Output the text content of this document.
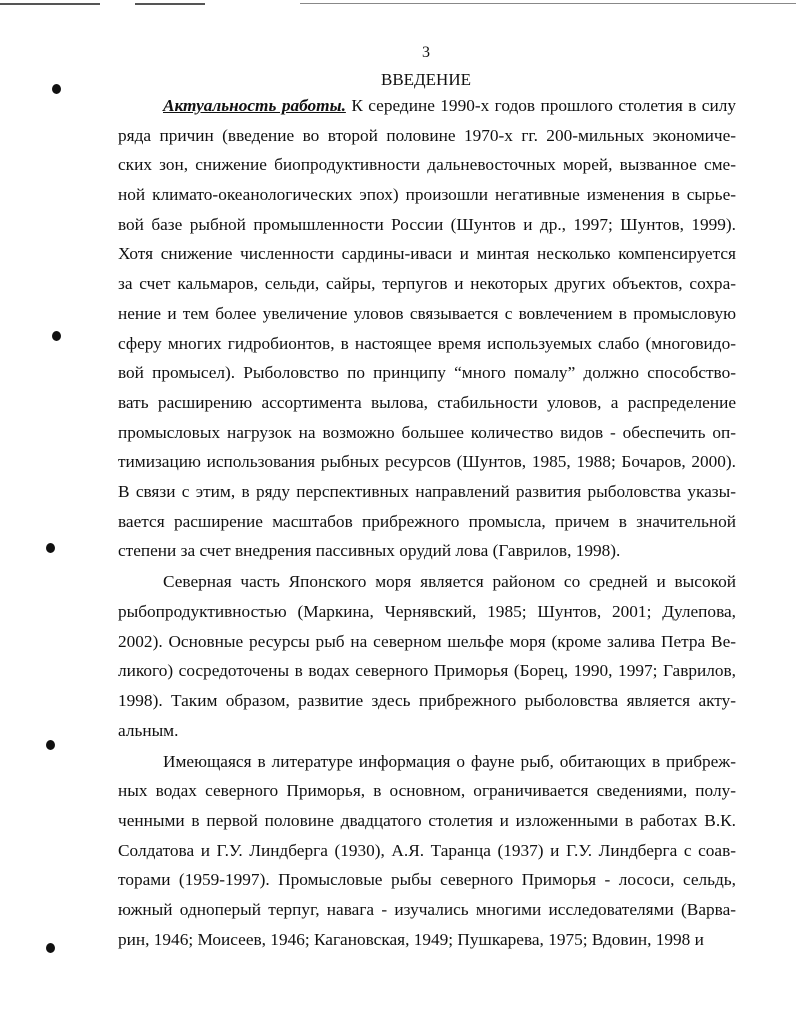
3
ВВЕДЕНИЕ
Актуальность работы. К середине 1990-х годов прошлого столетия в силу
ряда причин (введение во второй половине 1970-х гг. 200-мильных экономиче-
ских зон, снижение биопродуктивности дальневосточных морей, вызванное сме-
ной климато-океанологических эпох) произошли негативные изменения в сырье-
вой базе рыбной промышленности России (Шунтов и др., 1997; Шунтов, 1999).
Хотя снижение численности сардины-иваси и минтая несколько компенсируется
за счет кальмаров, сельди, сайры, терпугов и некоторых других объектов, сохра-
нение и тем более увеличение уловов связывается с вовлечением в промысловую
сферу многих гидробионтов, в настоящее время используемых слабо (многовидо-
вой промысел). Рыболовство по принципу “много помалу” должно способство-
вать расширению ассортимента вылова, стабильности уловов, а распределение
промысловых нагрузок на возможно большее количество видов - обеспечить оп-
тимизацию использования рыбных ресурсов (Шунтов, 1985, 1988; Бочаров, 2000).
В связи с этим, в ряду перспективных направлений развития рыболовства указы-
вается расширение масштабов прибрежного промысла, причем в значительной
степени за счет внедрения пассивных орудий лова (Гаврилов, 1998).
Северная часть Японского моря является районом со средней и высокой
рыбопродуктивностью (Маркина, Чернявский, 1985; Шунтов, 2001; Дулепова,
2002). Основные ресурсы рыб на северном шельфе моря (кроме залива Петра Ве-
ликого) сосредоточены в водах северного Приморья (Борец, 1990, 1997; Гаврилов,
1998). Таким образом, развитие здесь прибрежного рыболовства является акту-
альным.
Имеющаяся в литературе информация о фауне рыб, обитающих в прибреж-
ных водах северного Приморья, в основном, ограничивается сведениями, полу-
ченными в первой половине двадцатого столетия и изложенными в работах В.К.
Солдатова и Г.У. Линдберга (1930), А.Я. Таранца (1937) и Г.У. Линдберга с соав-
торами (1959-1997). Промысловые рыбы северного Приморья - лососи, сельдь,
южный одноперый терпуг, навага - изучались многими исследователями (Варва-
рин, 1946; Моисеев, 1946; Кагановская, 1949; Пушкарева, 1975; Вдовин, 1998 и
